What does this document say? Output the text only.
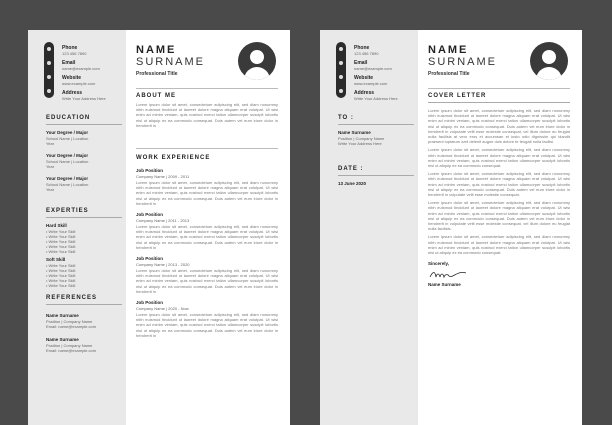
Phone
123 456 7890
Email
name@example.com
Website
www.example.com
Address
Write Your Address Here
EDUCATION
Your Degree / Major
School Name | Location
Year
Your Degree / Major
School Name | Location
Year
Your Degree / Major
School Name | Location
Year
EXPERTIES
Hard Skill
• Write Your Skill
• Write Your Skill
• Write Your Skill
• Write Your Skill
• Write Your Skill
Soft Skill
• Write Your Skill
• Write Your Skill
• Write Your Skill
• Write Your Skill
• Write Your Skill
REFERENCES
Name Surname
Position | Company Name
Email: name@example.com
Name Surname
Position | Company Name
Email: name@example.com
NAME
SURNAME
Professional Title
ABOUT ME
Lorem ipsum dolor sit amet, consectetuer adipiscing elit, sed diam nonummy nibh euismod tincidunt ut laoreet dolore magna aliquam erat volutpat. Ut wisi enim ad minim veniam, quis nostrud exerci tation ullamcorper suscipit lobortis nisl ut aliquip ex ea commodo consequat. Duis autem vel eum iriure dolor in hendrerit in
WORK EXPERIENCE
Job Position
Company Name | 2009 - 2011
Lorem ipsum dolor sit amet, consectetuer adipiscing elit, sed diam nonummy nibh euismod tincidunt ut laoreet dolore magna aliquam erat volutpat. Ut wisi enim ad minim veniam, quis nostrud exerci tation ullamcorper suscipit lobortis nisl ut aliquip ex ea commodo consequat. Duis autem vel eum iriure dolor in hendrerit in
Job Position
Company Name | 2011 - 2013
Lorem ipsum dolor sit amet, consectetuer adipiscing elit, sed diam nonummy nibh euismod tincidunt ut laoreet dolore magna aliquam erat volutpat. Ut wisi enim ad minim veniam, quis nostrud exerci tation ullamcorper suscipit lobortis nisl ut aliquip ex ea commodo consequat. Duis autem vel eum iriure dolor in hendrerit in
Job Position
Company Name | 2013 - 2020
Lorem ipsum dolor sit amet, consectetuer adipiscing elit, sed diam nonummy nibh euismod tincidunt ut laoreet dolore magna aliquam erat volutpat. Ut wisi enim ad minim veniam, quis nostrud exerci tation ullamcorper suscipit lobortis nisl ut aliquip ex ea commodo consequat. Duis autem vel eum iriure dolor in hendrerit in
Job Position
Company Name | 2020 - Now
Lorem ipsum dolor sit amet, consectetuer adipiscing elit, sed diam nonummy nibh euismod tincidunt ut laoreet dolore magna aliquam erat volutpat. Ut wisi enim ad minim veniam, quis nostrud exerci tation ullamcorper suscipit lobortis nisl ut aliquip ex ea commodo consequat. Duis autem vel eum iriure dolor in hendrerit in
Phone
123 456 7890
Email
name@example.com
Website
www.example.com
Address
Write Your Address Here
TO :
Name Surname
Position | Company Name
Write Your Address Here
DATE :
13 June 2020
NAME
SURNAME
Professional Title
COVER LETTER
Lorem ipsum dolor sit amet, consectetuer adipiscing elit, sed diam nonummy nibh euismod tincidunt ut laoreet dolore magna aliquam erat volutpat. Ut wisi enim ad minim veniam, quis nostrud exerci tation ullamcorper suscipit lobortis nisl ut aliquip ex ea commodo consequat. Duis autem vel eum iriure dolor in hendrerit in vulputate velit esse molestie consequat, vel illum dolore eu feugiat nulla facilisis at vero eros et accumsan et iusto odio dignissim qui blandit praesent luptatum zzril delenit augue duis dolore te feugait nulla facilisi.
Lorem ipsum dolor sit amet, consectetuer adipiscing elit, sed diam nonummy nibh euismod tincidunt ut laoreet dolore magna aliquam erat volutpat. Ut wisi enim ad minim veniam, quis nostrud exerci tation ullamcorper suscipit lobortis nisl ut aliquip ex ea commodo consequat.
Lorem ipsum dolor sit amet, consectetuer adipiscing elit, sed diam nonummy nibh euismod tincidunt ut laoreet dolore magna aliquam erat volutpat. Ut wisi enim ad minim veniam, quis nostrud exerci tation ullamcorper suscipit lobortis nisl ut aliquip ex ea commodo consequat. Duis autem vel eum iriure dolor in hendrerit in vulputate velit esse molestie consequat.
Lorem ipsum dolor sit amet, consectetuer adipiscing elit, sed diam nonummy nibh euismod tincidunt ut laoreet dolore magna aliquam erat volutpat. Ut wisi enim ad minim veniam, quis nostrud exerci tation ullamcorper suscipit lobortis nisl ut aliquip ex ea commodo consequat. Duis autem vel eum iriure dolor in hendrerit in vulputate velit esse molestie consequat, vel illum dolore eu feugiat nulla facilisis.
Lorem ipsum dolor sit amet, consectetuer adipiscing elit, sed diam nonummy nibh euismod tincidunt ut laoreet dolore magna aliquam erat volutpat. Ut wisi enim ad minim veniam, quis nostrud exerci tation ullamcorper suscipit lobortis nisl ut aliquip ex ea commodo consequat.
Sincerely,
Name Surname
